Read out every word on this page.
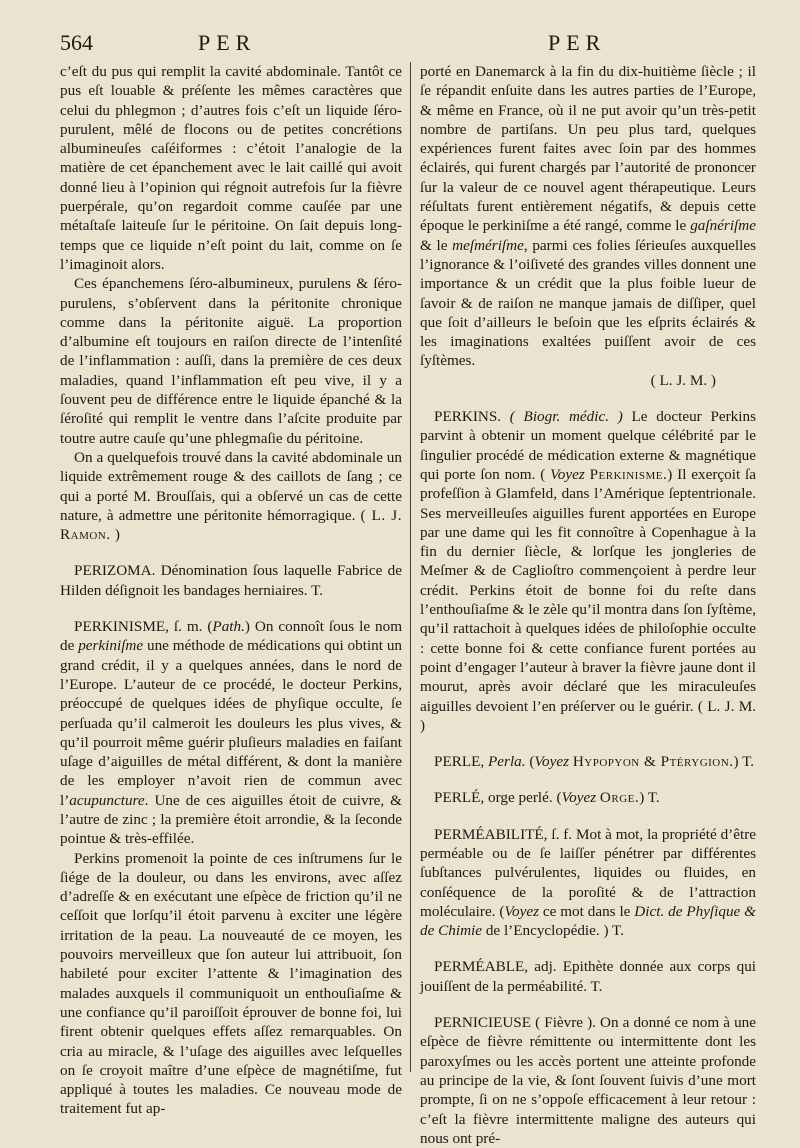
564	PER	PER

c’eſt du pus qui remplit la cavité abdominale. Tantôt ce pus eſt louable & préſente les mêmes caractères que celui du phlegmon ; d’autres fois c’eſt un liquide ſéro-purulent, mêlé de flocons ou de petites concrétions albumineuſes caſéiformes : c’étoit l’analogie de la matière de cet épanchement avec le lait caillé qui avoit donné lieu à l’opinion qui régnoit autrefois ſur la fièvre puerpérale, qu’on regardoit comme cauſée par une métaſtaſe laiteuſe ſur le péritoine. On ſait depuis long-temps que ce liquide n’eſt point du lait, comme on ſe l’imaginoit alors.

Ces épanchemens ſéro-albumineux, purulens & ſéro-purulens, s’obſervent dans la péritonite chronique comme dans la péritonite aiguë. La proportion d’albumine eſt toujours en raiſon directe de l’intenſité de l’inflammation : auſſi, dans la première de ces deux maladies, quand l’inflammation eſt peu vive, il y a ſouvent peu de différence entre le liquide épanché & la ſéroſité qui remplit le ventre dans l’aſcite produite par toutre autre cauſe qu’une phlegmaſie du péritoine.

On a quelquefois trouvé dans la cavité abdominale un liquide extrêmement rouge & des caillots de ſang ; ce qui a porté M. Brouſſais, qui a obſervé un cas de cette nature, à admettre une péritonite hémorragique. ( L. J. Ramon. )

PERIZOMA. Dénomination ſous laquelle Fabrice de Hilden déſignoit les bandages herniaires. T.

PERKINISME, ſ. m. (Path.) On connoît ſous le nom de perkiniſme une méthode de médications qui obtint un grand crédit, il y a quelques années, dans le nord de l’Europe. L’auteur de ce procédé, le docteur Perkins, préoccupé de quelques idées de phyſique occulte, ſe perſuada qu’il calmeroit les douleurs les plus vives, & qu’il pourroit même guérir pluſieurs maladies en faiſant uſage d’aiguilles de métal différent, & dont la manière de les employer n’avoit rien de commun avec l’acupuncture. Une de ces aiguilles étoit de cuivre, & l’autre de zinc ; la première étoit arrondie, & la ſeconde pointue & très-effilée.

Perkins promenoit la pointe de ces inſtrumens ſur le ſiége de la douleur, ou dans les environs, avec aſſez d’adreſſe & en exécutant une eſpèce de friction qu’il ne ceſſoit que lorſqu’il étoit parvenu à exciter une légère irritation de la peau. La nouveauté de ce moyen, les pouvoirs merveilleux que ſon auteur lui attribuoit, ſon habileté pour exciter l’attente & l’imagination des malades auxquels il communiquoit un enthouſiaſme & une confiance qu’il paroiſſoit éprouver de bonne foi, lui firent obtenir quelques effets aſſez remarquables. On cria au miracle, & l’uſage des aiguilles avec leſquelles on ſe croyoit maître d’une eſpèce de magnétiſme, fut appliqué à toutes les maladies. Ce nouveau mode de traitement fut ap-

porté en Danemarck à la fin du dix-huitième ſiècle ; il ſe répandit enſuite dans les autres parties de l’Europe, & même en France, où il ne put avoir qu’un très-petit nombre de partiſans. Un peu plus tard, quelques expériences furent faites avec ſoin par des hommes éclairés, qui furent chargés par l’autorité de prononcer ſur la valeur de ce nouvel agent thérapeutique. Leurs réſultats furent entièrement négatifs, & depuis cette époque le perkiniſme a été rangé, comme le gaſnériſme & le meſmériſme, parmi ces folies ſérieuſes auxquelles l’ignorance & l’oiſiveté des grandes villes donnent une importance & un crédit que la plus foible lueur de ſavoir & de raiſon ne manque jamais de diſſiper, quel que ſoit d’ailleurs le beſoin que les eſprits éclairés & les imaginations exaltées puiſſent avoir de ces ſyſtèmes.
( L. J. M. )

PERKINS. ( Biogr. médic. ) Le docteur Perkins parvint à obtenir un moment quelque célébrité par le ſingulier procédé de médication externe & magnétique qui porte ſon nom. ( Voyez Perkinisme.) Il exerçoit ſa profeſſion à Glamfeld, dans l’Amérique ſeptentrionale. Ses merveilleuſes aiguilles furent apportées en Europe par une dame qui les fit connoître à Copenhague à la fin du dernier ſiècle, & lorſque les jongleries de Meſmer & de Caglioſtro commençoient à perdre leur crédit. Perkins étoit de bonne foi du reſte dans l’enthouſiaſme & le zèle qu’il montra dans ſon ſyſtème, qu’il rattachoit à quelques idées de philoſophie occulte : cette bonne foi & cette confiance furent portées au point d’engager l’auteur à braver la fièvre jaune dont il mourut, après avoir déclaré que les miraculeuſes aiguilles devoient l’en préſerver ou le guérir. ( L. J. M. )

PERLE, Perla. (Voyez Hypopyon & Ptérygion.) T.

PERLÉ, orge perlé. (Voyez Orge.) T.

PERMÉABILITÉ, ſ. f. Mot à mot, la propriété d’être perméable ou de ſe laiſſer pénétrer par différentes ſubſtances pulvérulentes, liquides ou fluides, en conſéquence de la poroſité & de l’attraction moléculaire. (Voyez ce mot dans le Dict. de Phyſique & de Chimie de l’Encyclopédie. ) T.

PERMÉABLE, adj. Epithète donnée aux corps qui jouiſſent de la perméabilité. T.

PERNICIEUSE ( Fièvre ). On a donné ce nom à une eſpèce de fièvre rémittente ou intermittente dont les paroxyſmes ou les accès portent une atteinte profonde au principe de la vie, & ſont ſouvent ſuivis d’une mort prompte, ſi on ne s’oppoſe efficacement à leur retour : c’eſt la fièvre intermittente maligne des auteurs qui nous ont pré-
